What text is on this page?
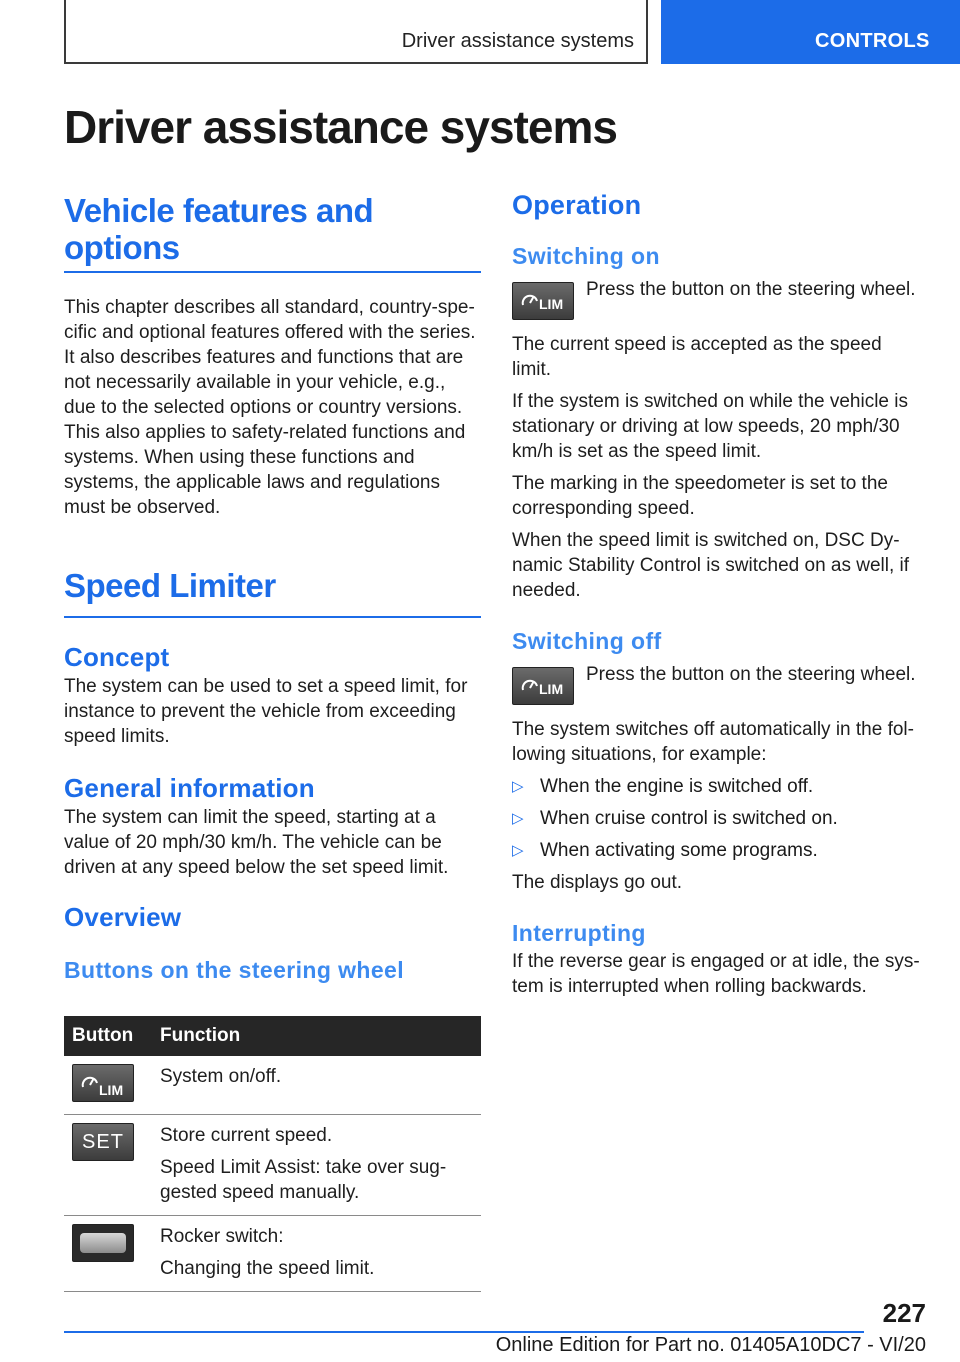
Driver assistance systems	CONTROLS
Driver assistance systems
Vehicle features and options

This chapter describes all standard, country-specific and optional features offered with the series. It also describes features and functions that are not necessarily available in your vehicle, e.g., due to the selected options or country versions. This also applies to safety-related functions and systems. When using these functions and systems, the applicable laws and regulations must be observed.

Speed Limiter
Concept

The system can be used to set a speed limit, for instance to prevent the vehicle from exceeding speed limits.

General information

The system can limit the speed, starting at a value of 20 mph/30 km/h. The vehicle can be driven at any speed below the set speed limit.

Overview
Buttons on the steering wheel
Button	Function

LIM	System on/off.

SET	Store current speed.

Speed Limit Assist: take over suggested speed manually.

	Rocker switch:

Changing the speed limit.

Operation
Switching on
LIM

Press the button on the steering wheel.

The current speed is accepted as the speed limit.

If the system is switched on while the vehicle is stationary or driving at low speeds, 20 mph/30 km/h is set as the speed limit.

The marking in the speedometer is set to the corresponding speed.

When the speed limit is switched on, DSC Dynamic Stability Control is switched on as well, if needed.

Switching off
LIM

Press the button on the steering wheel.

The system switches off automatically in the following situations, for example:

▷ When the engine is switched off.
▷ When cruise control is switched on.
▷ When activating some programs.

The displays go out.

Interrupting

If the reverse gear is engaged or at idle, the system is interrupted when rolling backwards.

227
Online Edition for Part no. 01405A10DC7 - VI/20
